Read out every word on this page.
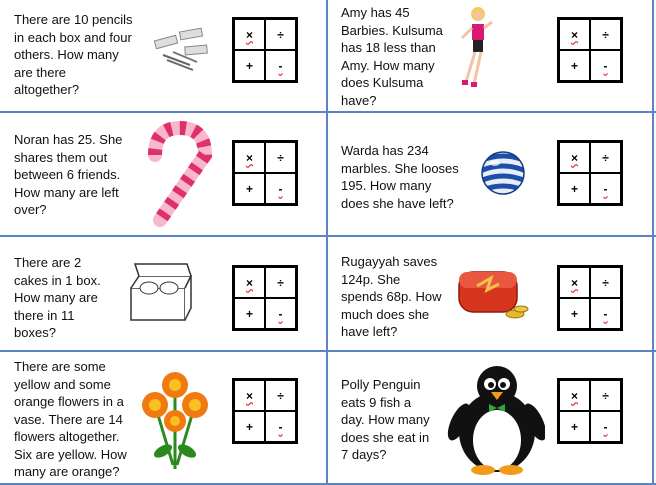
There are 10 pencils
in each box and four
others. How many
are there
altogether?
× ÷
+ -
Amy has 45
Barbies. Kulsuma
has 18 less than
Amy. How many
does Kulsuma
have?
× ÷
+ -
Noran has 25. She
shares them out
between 6 friends.
How many are left
over?
× ÷
+ -
Warda has 234
marbles. She looses
195. How many
does she have left?
× ÷
+ -
There are 2
cakes in 1 box.
How many are
there in 11
boxes?
× ÷
+ -
Rugayyah saves
124p. She
spends 68p. How
much does she
have left?
× ÷
+ -
There are some
yellow and some
orange flowers in a
vase. There are 14
flowers altogether.
Six are yellow. How
many are orange?
× ÷
+ -
Polly Penguin
eats 9 fish a
day. How many
does she eat in
7 days?
× ÷
+ -
